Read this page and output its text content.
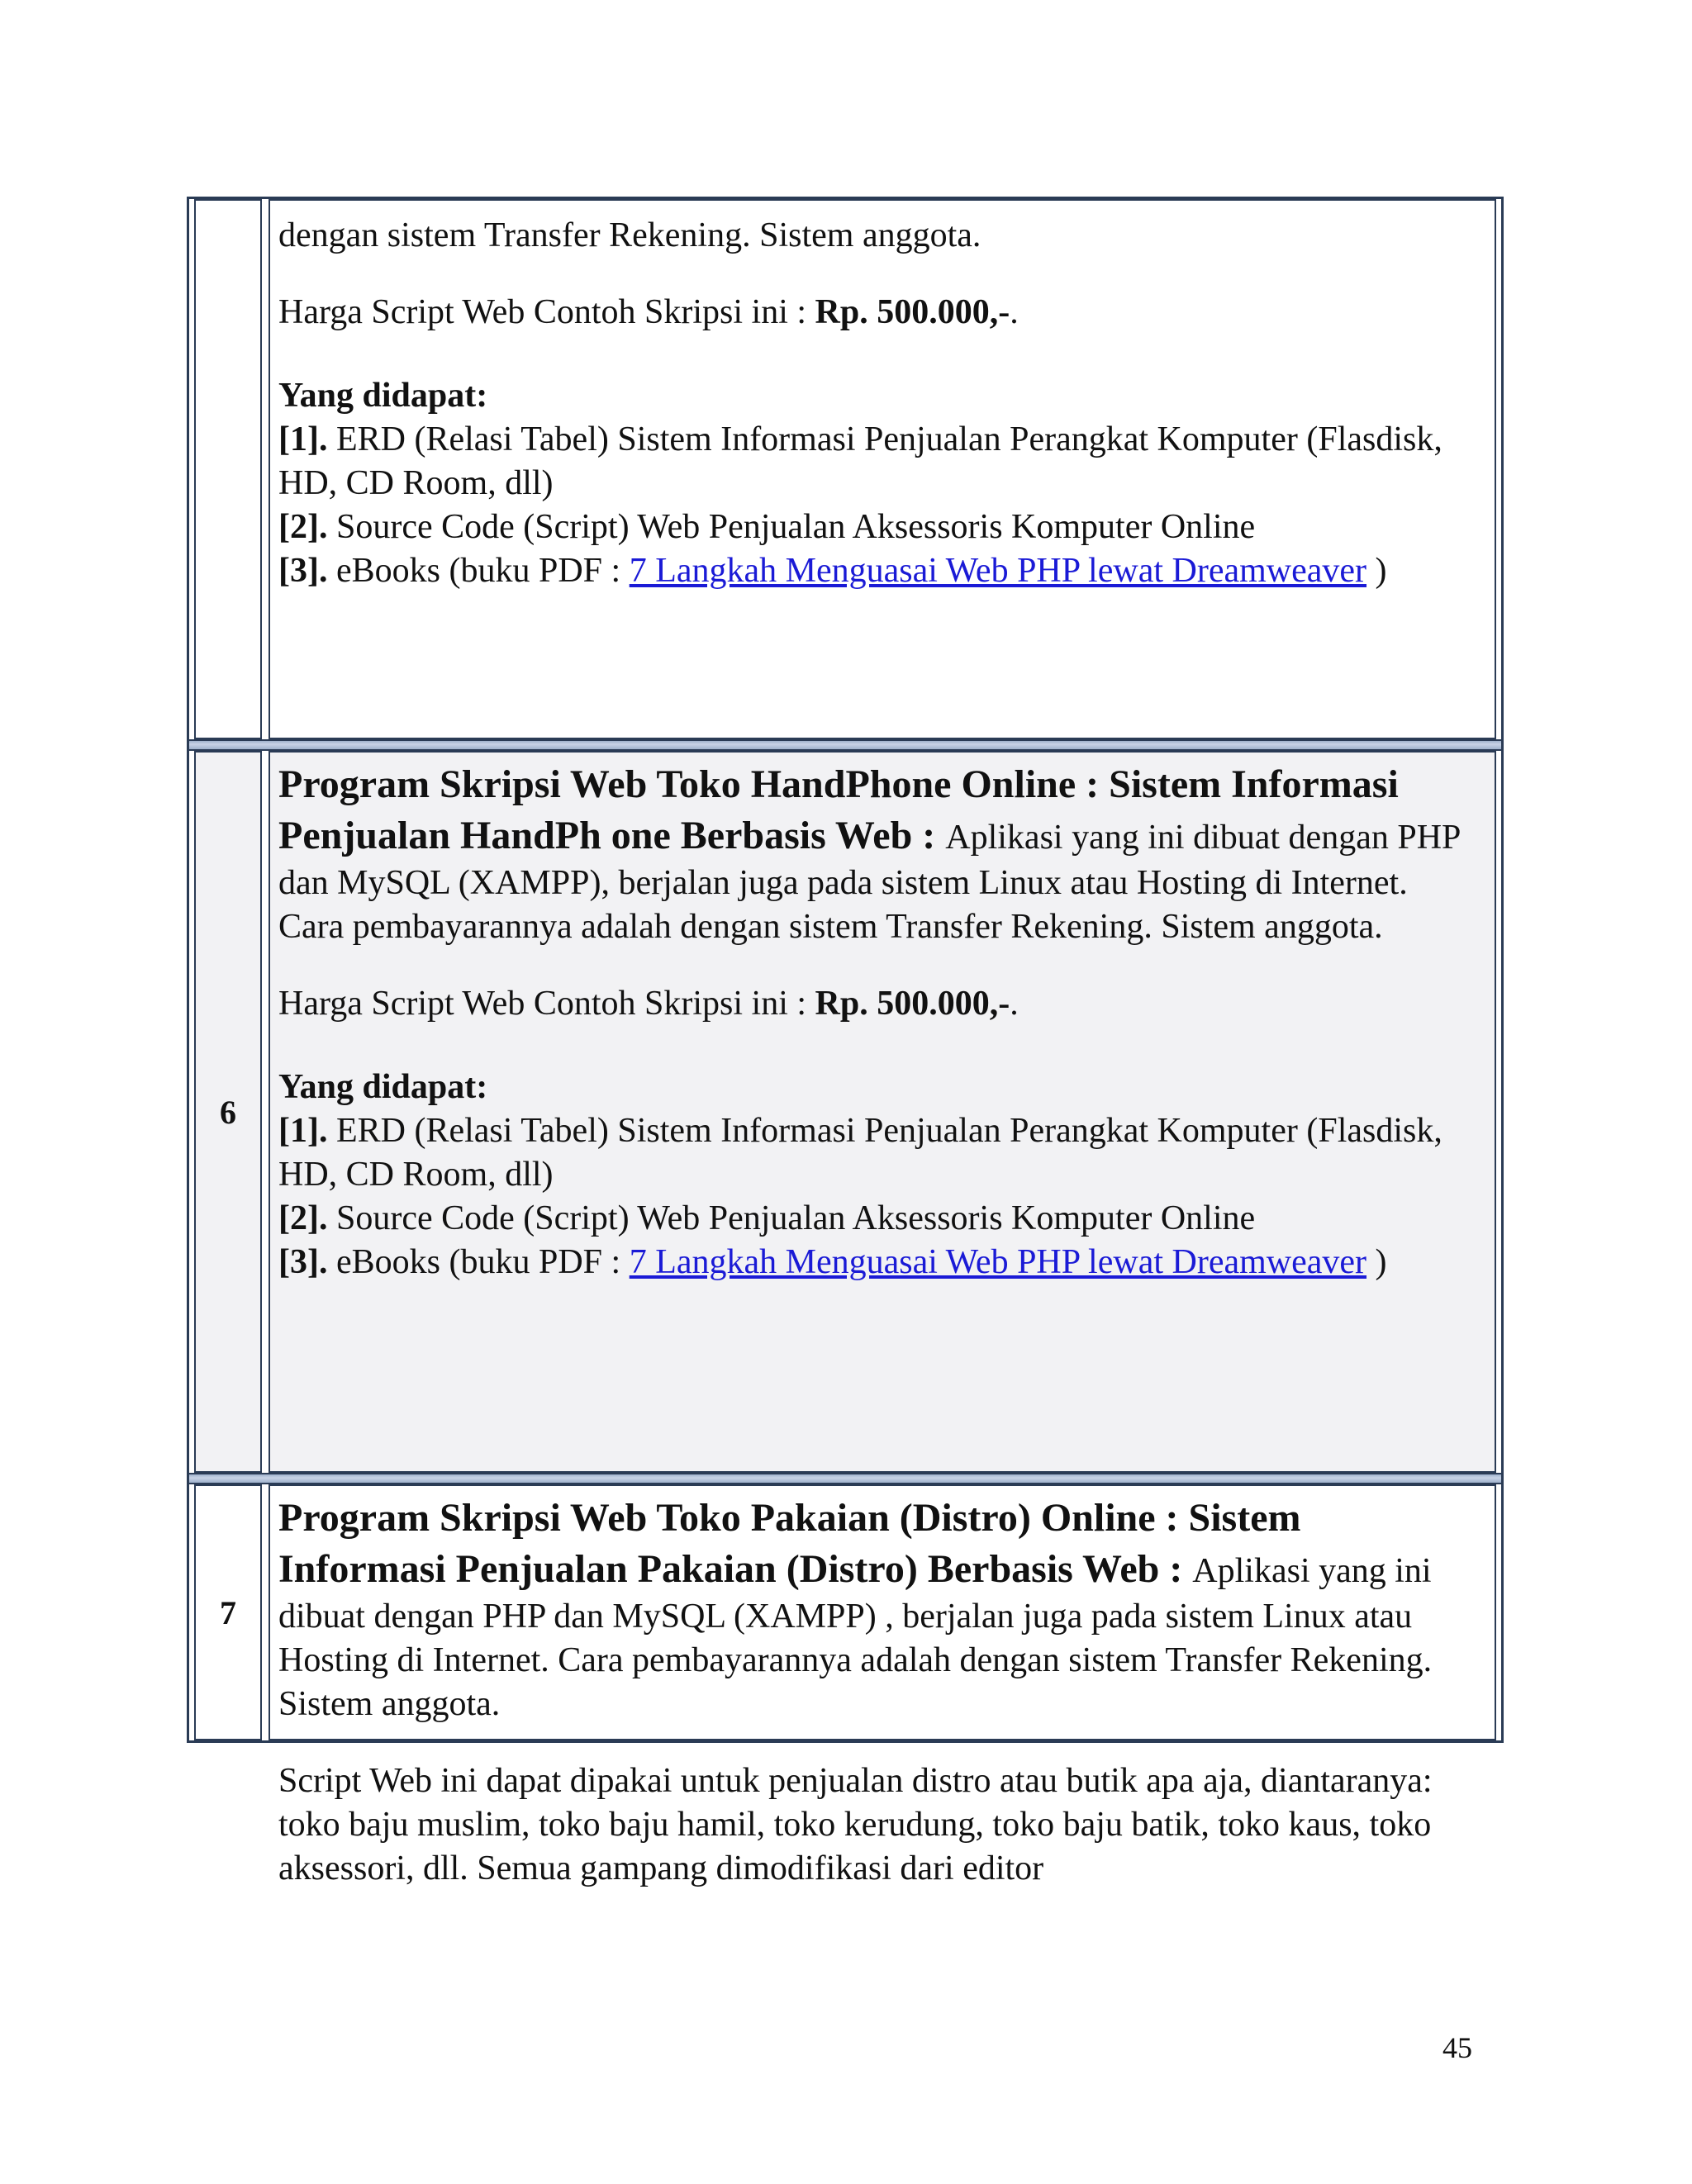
dengan sistem Transfer Rekening. Sistem anggota.

Harga Script Web Contoh Skripsi ini : Rp. 500.000,-.

Yang didapat:

[1]. ERD (Relasi Tabel) Sistem Informasi Penjualan Perangkat Komputer (Flasdisk, HD, CD Room, dll)

[2]. Source Code (Script) Web Penjualan Aksessoris Komputer Online

[3]. eBooks (buku PDF : 7 Langkah Menguasai Web PHP lewat Dreamweaver )

6

Program Skripsi Web Toko HandPhone Online : Sistem Informasi Penjualan HandPh one Berbasis Web : Aplikasi yang ini dibuat dengan PHP dan MySQL (XAMPP), berjalan juga pada sistem Linux atau Hosting di Internet. Cara pembayarannya adalah dengan sistem Transfer Rekening. Sistem anggota.

Harga Script Web Contoh Skripsi ini : Rp. 500.000,-.

Yang didapat:

[1]. ERD (Relasi Tabel) Sistem Informasi Penjualan Perangkat Komputer (Flasdisk, HD, CD Room, dll)

[2]. Source Code (Script) Web Penjualan Aksessoris Komputer Online

[3]. eBooks (buku PDF : 7 Langkah Menguasai Web PHP lewat Dreamweaver )

7

Program Skripsi Web Toko Pakaian (Distro) Online : Sistem Informasi Penjualan Pakaian (Distro) Berbasis Web : Aplikasi yang ini dibuat dengan PHP dan MySQL (XAMPP) , berjalan juga pada sistem Linux atau Hosting di Internet. Cara pembayarannya adalah dengan sistem Transfer Rekening. Sistem anggota.

Script Web ini dapat dipakai untuk penjualan distro atau butik apa aja, diantaranya: toko baju muslim, toko baju hamil, toko kerudung, toko baju batik, toko kaus, toko aksessori, dll. Semua gampang dimodifikasi dari editor

45
